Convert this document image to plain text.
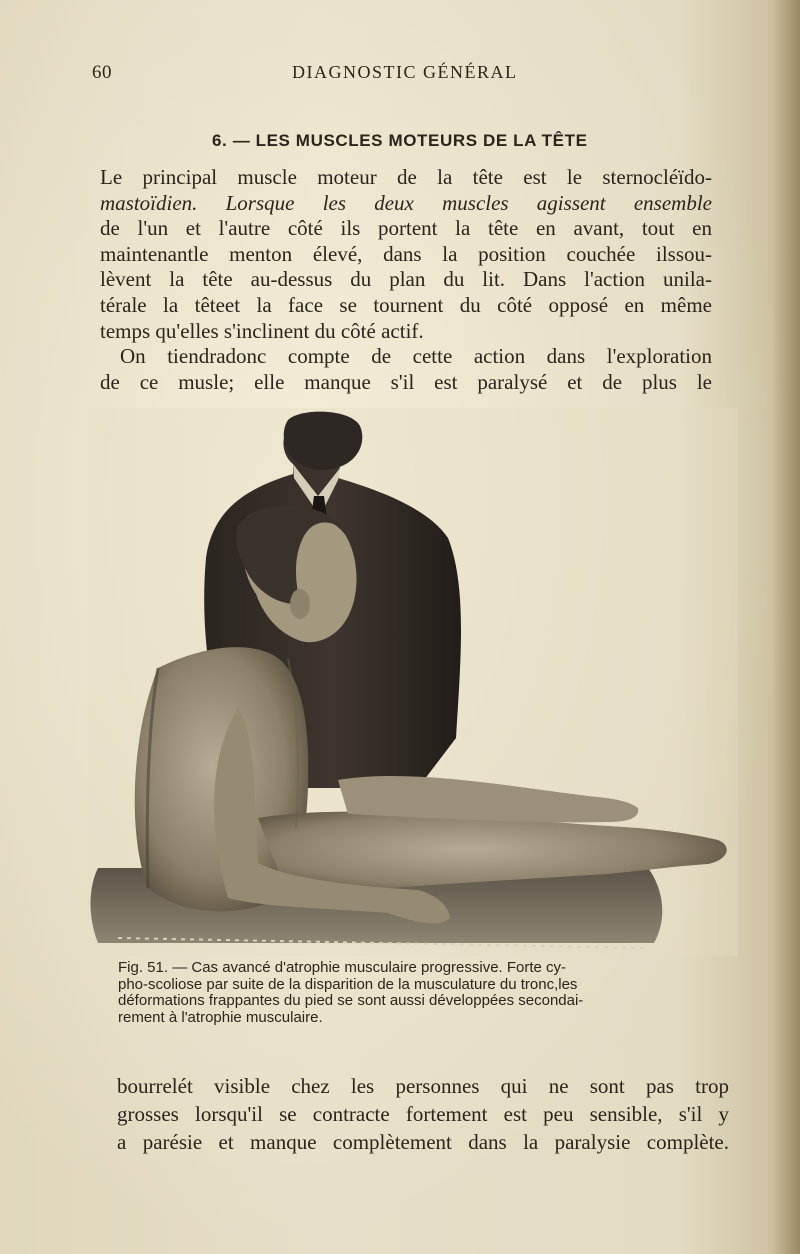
60	DIAGNOSTIC GÉNÉRAL
6. — LES MUSCLES MOTEURS DE LA TÊTE
Le principal muscle moteur de la tête est le sternocléïdo-
mastoïdien. Lorsque les deux muscles agissent ensemble
de l'un et l'autre côté ils portent la tête en avant, tout en
maintenantle menton élevé, dans la position couchée ilssou-
lèvent la tête au-dessus du plan du lit. Dans l'action unila-
térale la têteet la face se tournent du côté opposé en même
temps qu'elles s'inclinent du côté actif.
On tiendradonc compte de cette action dans l'exploration
de ce musle; elle manque s'il est paralysé et de plus le
Fig. 51. — Cas avancé d'atrophie musculaire progressive. Forte cy-
pho-scoliose par suite de la disparition de la musculature du tronc,les
déformations frappantes du pied se sont aussi développées secondai-
rement à l'atrophie musculaire.
bourrelét visible chez les personnes qui ne sont pas trop
grosses lorsqu'il se contracte fortement est peu sensible, s'il y
a parésie et manque complètement dans la paralysie complète.
